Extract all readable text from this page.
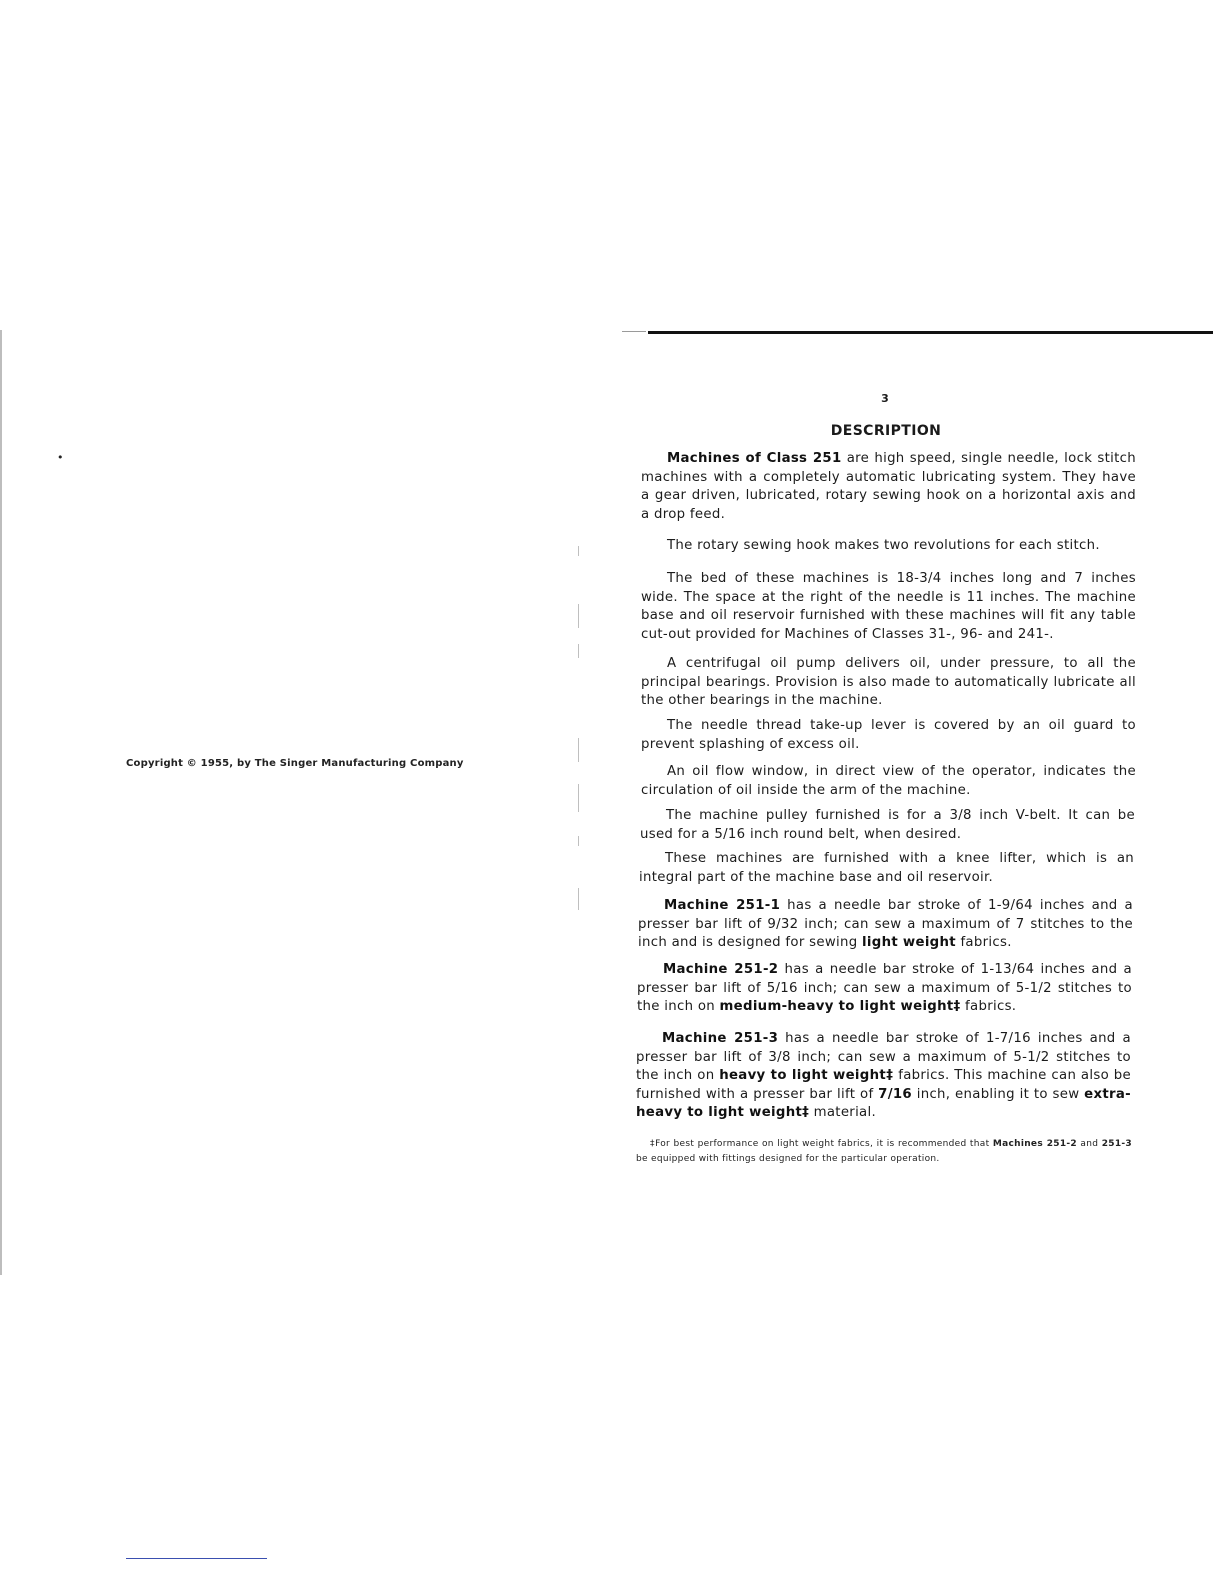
•
Copyright © 1955, by The Singer Manufacturing Company
3
DESCRIPTION
Machines of Class 251 are high speed, single needle, lock stitch machines with a completely automatic lubricating system. They have a gear driven, lubricated, rotary sewing hook on a horizontal axis and a drop feed.
The rotary sewing hook makes two revolutions for each stitch.
The bed of these machines is 18-3/4 inches long and 7 inches wide. The space at the right of the needle is 11 inches. The machine base and oil reservoir furnished with these machines will fit any table cut-out provided for Machines of Classes 31-, 96- and 241-.
A centrifugal oil pump delivers oil, under pressure, to all the principal bearings. Provision is also made to automatically lubricate all the other bearings in the machine.
The needle thread take-up lever is covered by an oil guard to prevent splashing of excess oil.
An oil flow window, in direct view of the operator, indicates the circulation of oil inside the arm of the machine.
The machine pulley furnished is for a 3/8 inch V-belt. It can be used for a 5/16 inch round belt, when desired.
These machines are furnished with a knee lifter, which is an integral part of the machine base and oil reservoir.
Machine 251-1 has a needle bar stroke of 1-9/64 inches and a presser bar lift of 9/32 inch; can sew a maximum of 7 stitches to the inch and is designed for sewing light weight fabrics.
Machine 251-2 has a needle bar stroke of 1-13/64 inches and a presser bar lift of 5/16 inch; can sew a maximum of 5-1/2 stitches to the inch on medium-heavy to light weight‡ fabrics.
Machine 251-3 has a needle bar stroke of 1-7/16 inches and a presser bar lift of 3/8 inch; can sew a maximum of 5-1/2 stitches to the inch on heavy to light weight‡ fabrics. This machine can also be furnished with a presser bar lift of 7/16 inch, enabling it to sew extra-heavy to light weight‡ material.
‡For best performance on light weight fabrics, it is recommended that Machines 251-2 and 251-3 be equipped with fittings designed for the particular operation.
